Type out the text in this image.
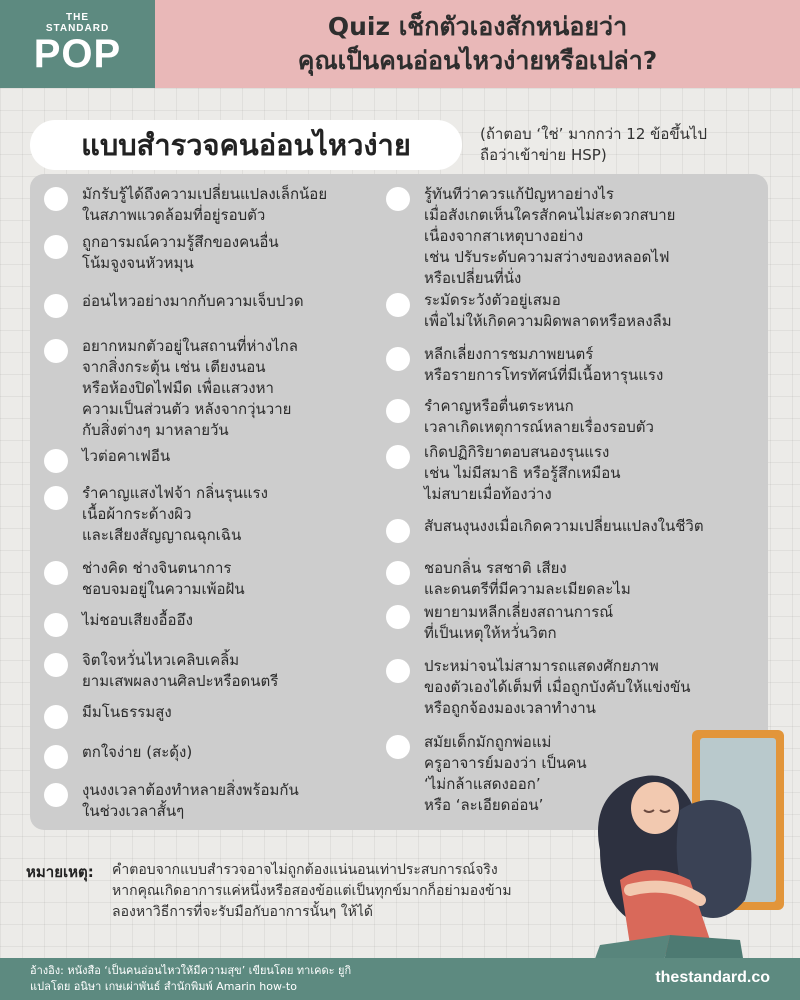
THE
STANDARD
POP
Quiz เช็กตัวเองสักหน่อยว่า
คุณเป็นคนอ่อนไหวง่ายหรือเปล่า?
แบบสำรวจคนอ่อนไหวง่าย	(ถ้าตอบ ‘ใช่’ มากกว่า 12 ข้อขึ้นไป
ถือว่าเข้าข่าย HSP)
มักรับรู้ได้ถึงความเปลี่ยนแปลงเล็กน้อย
ในสภาพแวดล้อมที่อยู่รอบตัว
ถูกอารมณ์ความรู้สึกของคนอื่น
โน้มจูงจนหัวหมุน
อ่อนไหวอย่างมากกับความเจ็บปวด
อยากหมกตัวอยู่ในสถานที่ห่างไกล
จากสิ่งกระตุ้น เช่น เตียงนอน
หรือห้องปิดไฟมืด เพื่อแสวงหา
ความเป็นส่วนตัว หลังจากวุ่นวาย
กับสิ่งต่างๆ มาหลายวัน
ไวต่อคาเฟอีน
รำคาญแสงไฟจ้า กลิ่นรุนแรง
เนื้อผ้ากระด้างผิว
และเสียงสัญญาณฉุกเฉิน
ช่างคิด ช่างจินตนาการ
ชอบจมอยู่ในความเพ้อฝัน
ไม่ชอบเสียงอื้ออึง
จิตใจหวั่นไหวเคลิบเคลิ้ม
ยามเสพผลงานศิลปะหรือดนตรี
มีมโนธรรมสูง
ตกใจง่าย (สะดุ้ง)
งุนงงเวลาต้องทำหลายสิ่งพร้อมกัน
ในช่วงเวลาสั้นๆ
รู้ทันทีว่าควรแก้ปัญหาอย่างไร
เมื่อสังเกตเห็นใครสักคนไม่สะดวกสบาย
เนื่องจากสาเหตุบางอย่าง
เช่น ปรับระดับความสว่างของหลอดไฟ
หรือเปลี่ยนที่นั่ง
ระมัดระวังตัวอยู่เสมอ
เพื่อไม่ให้เกิดความผิดพลาดหรือหลงลืม
หลีกเลี่ยงการชมภาพยนตร์
หรือรายการโทรทัศน์ที่มีเนื้อหารุนแรง
รำคาญหรือตื่นตระหนก
เวลาเกิดเหตุการณ์หลายเรื่องรอบตัว
เกิดปฏิกิริยาตอบสนองรุนแรง
เช่น ไม่มีสมาธิ หรือรู้สึกเหมือน
ไม่สบายเมื่อท้องว่าง
สับสนงุนงงเมื่อเกิดความเปลี่ยนแปลงในชีวิต
ชอบกลิ่น รสชาติ เสียง
และดนตรีที่มีความละเมียดละไม
พยายามหลีกเลี่ยงสถานการณ์
ที่เป็นเหตุให้หวั่นวิตก
ประหม่าจนไม่สามารถแสดงศักยภาพ
ของตัวเองได้เต็มที่ เมื่อถูกบังคับให้แข่งขัน
หรือถูกจ้องมองเวลาทำงาน
สมัยเด็กมักถูกพ่อแม่
ครูอาจารย์มองว่า เป็นคน
‘ไม่กล้าแสดงออก’
หรือ ‘ละเอียดอ่อน’
หมายเหตุ: คำตอบจากแบบสำรวจอาจไม่ถูกต้องแน่นอนเท่าประสบการณ์จริง
หากคุณเกิดอาการแค่หนึ่งหรือสองข้อแต่เป็นทุกข์มากก็อย่ามองข้าม
ลองหาวิธีการที่จะรับมือกับอาการนั้นๆ ให้ได้
อ้างอิง: หนังสือ ‘เป็นคนอ่อนไหวให้มีความสุข’ เขียนโดย ทาเคดะ ยูกิ
แปลโดย อนิษา เกษเผ่าพันธ์ สำนักพิมพ์ Amarin how-to
thestandard.co
